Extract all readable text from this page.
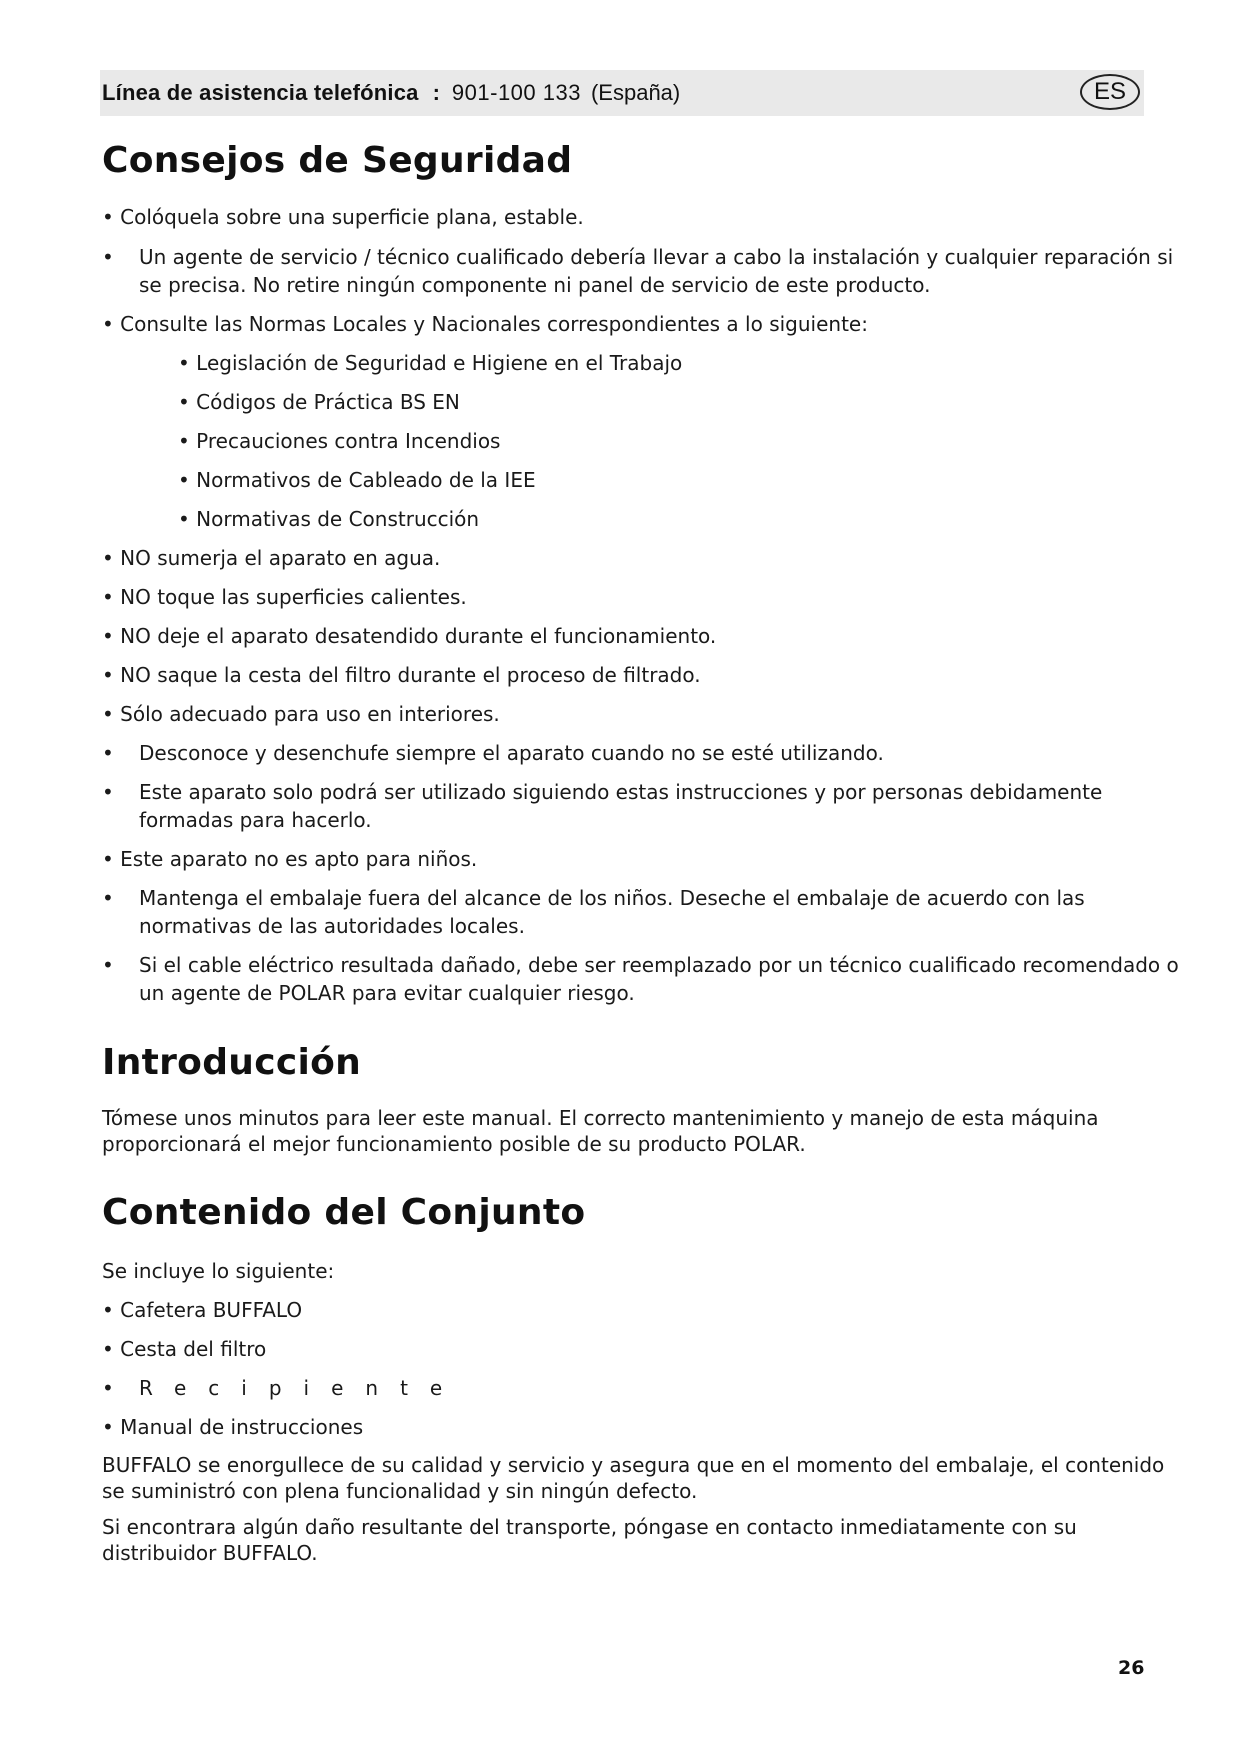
Línea de asistencia telefónica : 901-100 133 (España)	ES
Consejos de Seguridad

• Colóquela sobre una superficie plana, estable.

• Un agente de servicio / técnico cualificado debería llevar a cabo la instalación y cualquier reparación si

se precisa. No retire ningún componente ni panel de servicio de este producto.

• Consulte las Normas Locales y Nacionales correspondientes a lo siguiente:

• Legislación de Seguridad e Higiene en el Trabajo

• Códigos de Práctica BS EN

• Precauciones contra Incendios

• Normativos de Cableado de la IEE

• Normativas de Construcción

• NO sumerja el aparato en agua.

• NO toque las superficies calientes.

• NO deje el aparato desatendido durante el funcionamiento.

• NO saque la cesta del filtro durante el proceso de filtrado.

• Sólo adecuado para uso en interiores.

• Desconoce y desenchufe siempre el aparato cuando no se esté utilizando.

• Este aparato solo podrá ser utilizado siguiendo estas instrucciones y por personas debidamente

formadas para hacerlo.

• Este aparato no es apto para niños.

• Mantenga el embalaje fuera del alcance de los niños. Deseche el embalaje de acuerdo con las

normativas de las autoridades locales.

• Si el cable eléctrico resultada dañado, debe ser reemplazado por un técnico cualificado recomendado o

un agente de POLAR para evitar cualquier riesgo.

Introducción

Tómese unos minutos para leer este manual. El correcto mantenimiento y manejo de esta máquina

proporcionará el mejor funcionamiento posible de su producto POLAR.

Contenido del Conjunto

Se incluye lo siguiente:

• Cafetera BUFFALO

• Cesta del filtro

• Recipiente

• Manual de instrucciones

BUFFALO se enorgullece de su calidad y servicio y asegura que en el momento del embalaje, el contenido

se suministró con plena funcionalidad y sin ningún defecto.

Si encontrara algún daño resultante del transporte, póngase en contacto inmediatamente con su

distribuidor BUFFALO.

26
